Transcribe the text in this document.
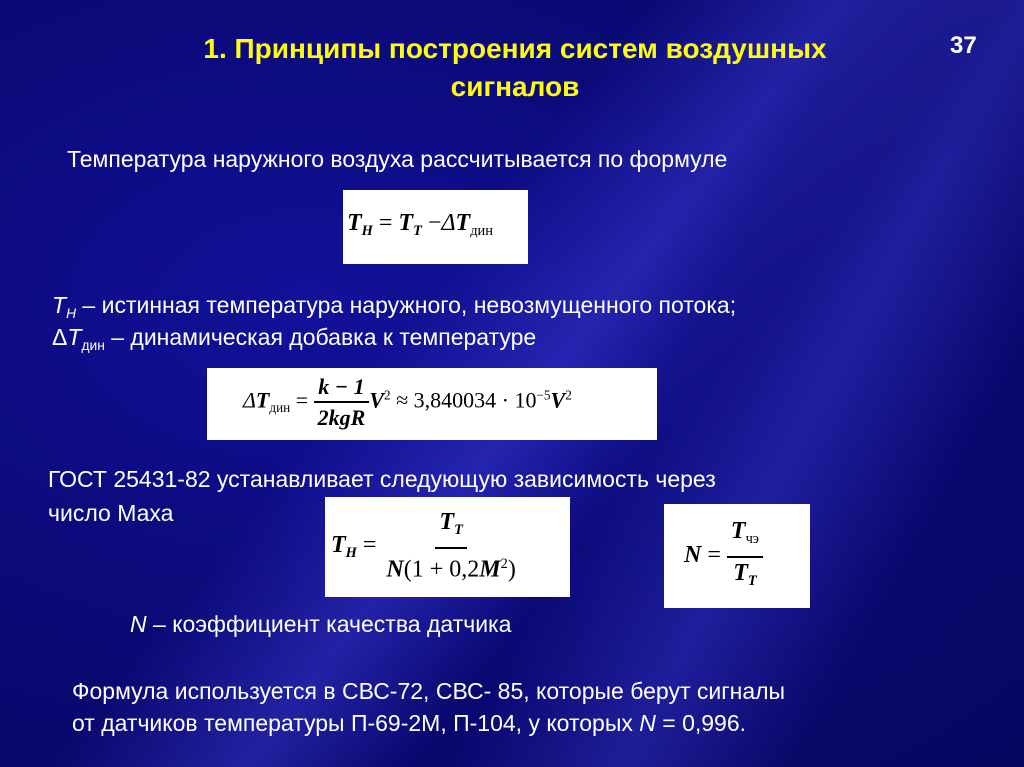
1. Принципы построения систем воздушных
сигналов
37
Температура наружного воздуха рассчитывается по формуле
$T_H = T_T -\Delta T_{дин}$
$T_H$ – истинная температура наружного, невозмущенного потока;
$\Delta T_{дин}$ – динамическая добавка к температуре
$\Delta T_{дин} = \frac{k - 1}{\text{2kgR}} V^2 \approx 3,840034 \cdot 10^{-5}V^2$
ГОСТ 25431-82 устанавливает следующую зависимость через
число Маха
$T_H = \frac{T_T}{N(1 + 0,2M^2)}$	$N = \frac{T_{чэ}}{T_T}$
N – коэффициент качества датчика
Формула используется в СВС-72, СВС- 85, которые берут сигналы
от датчиков температуры П-69-2М, П-104, у которых N = 0,996.
